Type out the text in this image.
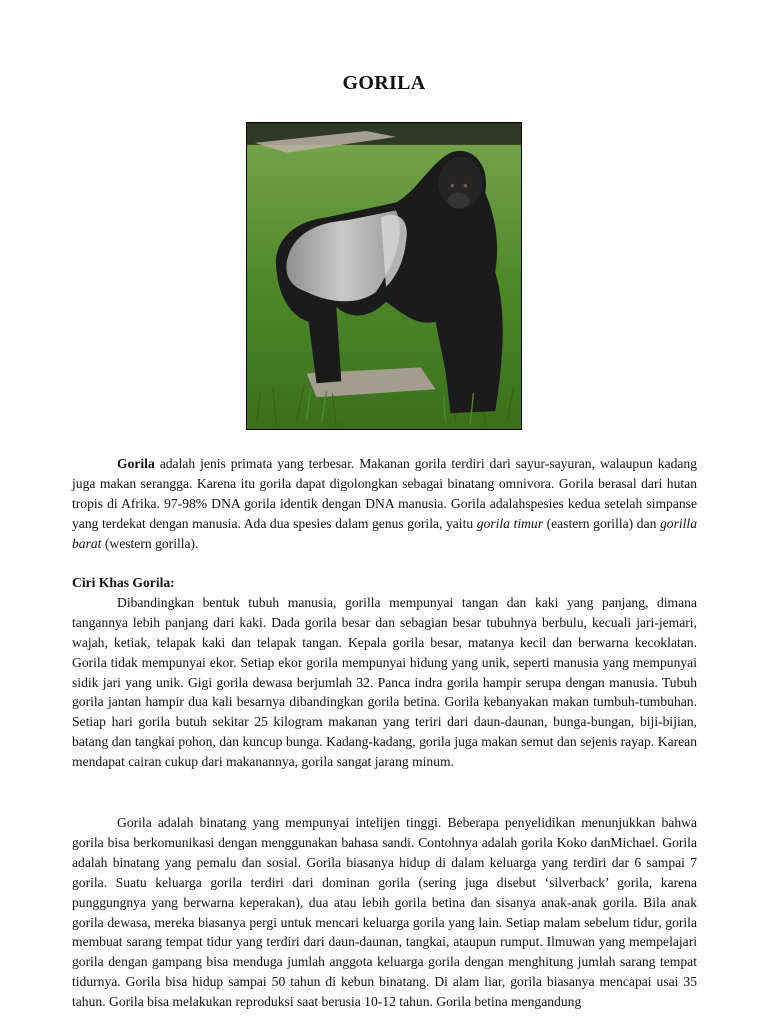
GORILA

Gorila adalah jenis primata yang terbesar. Makanan gorila terdiri dari sayur-sayuran, walaupun kadang juga makan serangga. Karena itu gorila dapat digolongkan sebagai binatang omnivora. Gorila berasal dari hutan tropis di Afrika. 97-98% DNA gorila identik dengan DNA manusia. Gorila adalahspesies kedua setelah simpanse yang terdekat dengan manusia. Ada dua spesies dalam genus gorila, yaitu gorila timur (eastern gorilla) dan gorilla barat (western gorilla).

Ciri Khas Gorila:

Dibandingkan bentuk tubuh manusia, gorilla mempunyai tangan dan kaki yang panjang, dimana tangannya lebih panjang dari kaki. Dada gorila besar dan sebagian besar tubuhnya berbulu, kecuali jari-jemari, wajah, ketiak, telapak kaki dan telapak tangan. Kepala gorila besar, matanya kecil dan berwarna kecoklatan. Gorila tidak mempunyai ekor. Setiap ekor gorila mempunyai hidung yang unik, seperti manusia yang mempunyai sidik jari yang unik. Gigi gorila dewasa berjumlah 32. Panca indra gorila hampir serupa dengan manusia. Tubuh gorila jantan hampir dua kali besarnya dibandingkan gorila betina. Gorila kebanyakan makan tumbuh-tumbuhan. Setiap hari gorila butuh sekitar 25 kilogram makanan yang teriri dari daun-daunan, bunga-bungan, biji-bijian, batang dan tangkai pohon, dan kuncup bunga. Kadang-kadang, gorila juga makan semut dan sejenis rayap. Karean mendapat cairan cukup dari makanannya, gorila sangat jarang minum.

Gorila adalah binatang yang mempunyai intelijen tinggi. Beberapa penyelidikan menunjukkan bahwa gorila bisa berkomunikasi dengan menggunakan bahasa sandi. Contohnya adalah gorila Koko danMichael. Gorila adalah binatang yang pemalu dan sosial. Gorila biasanya hidup di dalam keluarga yang terdiri dar 6 sampai 7 gorila. Suatu keluarga gorila terdiri dari dominan gorila (sering juga disebut ‘silverback’ gorila, karena punggungnya yang berwarna keperakan), dua atau lebih gorila betina dan sisanya anak-anak gorila. Bila anak gorila dewasa, mereka biasanya pergi untuk mencari keluarga gorila yang lain. Setiap malam sebelum tidur, gorila membuat sarang tempat tidur yang terdiri dari daun-daunan, tangkai, ataupun rumput. Ilmuwan yang mempelajari gorila dengan gampang bisa menduga jumlah anggota keluarga gorila dengan menghitung jumlah sarang tempat tidurnya. Gorila bisa hidup sampai 50 tahun di kebun binatang. Di alam liar, gorila biasanya mencapai usai 35 tahun. Gorila bisa melakukan reproduksi saat berusia 10-12 tahun. Gorila betina mengandung
